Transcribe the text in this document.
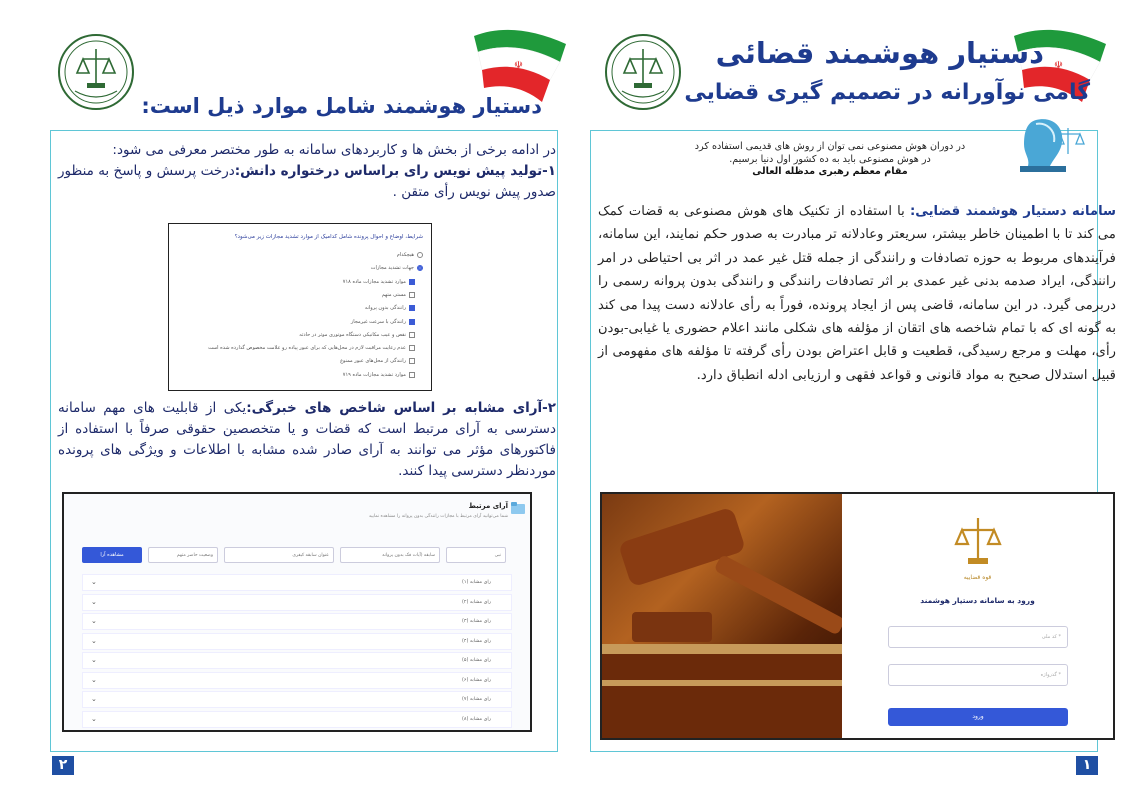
☫
دستیار هوشمند شامل موارد ذیل است:

در ادامه برخی از بخش ها و کاربردهای سامانه به طور مختصر معرفی می شود:

۱-تولید پیش نویس رای براساس درختواره دانش:درخت پرسش و پاسخ به منظور صدور پیش نویس رأی متقن .

شرایط، اوضاع و احوال پرونده شامل کدامیک از موارد تشدید مجازات زیر می‌شود؟
هیچکدام
جهات تشدید مجازات
موارد تشدید مجازات ماده ۷۱۸
مستی متهم
رانندگی بدون پروانه
رانندگی با سرعت غیرمجاز
نقص و عیب مکانیکی دستگاه موتوری موثر در حادثه
عدم رعایت مراقبت لازم در محل‌هایی که برای عبور پیاده رو علامت مخصوص گذارده شده است
رانندگی از محل‌های عبور ممنوع
موارد تشدید مجازات ماده ۷۱۹

۲-آرای مشابه بر اساس شاخص های خبرگی:یکی از قابلیت های مهم سامانه دسترسی به آرای مرتبط است که قضات و یا متخصصین حقوقی صرفاً با استفاده از فاکتورهای مؤثر می توانند به آرای صادر شده مشابه با اطلاعات و ویژگی های پرونده موردنظر دسترسی پیدا کنند.

آرای مرتبط
شما می‌توانید آرای مرتبط با مجازات رانندگی بدون پروانه را مشاهده نمایید
مشاهده آرا	وضعیت حاضر متهم	عنوان سابقه کیفری	سابقه (آیات فک بدون پروانه	نبی
رای مشابه (۱)
⌄
رای مشابه (۲)
⌄
رای مشابه (۳)
⌄
رای مشابه (۴)
⌄
رای مشابه (۵)
⌄
رای مشابه (۶)
⌄
رای مشابه (۷)
⌄
رای مشابه (۸)
⌄
۲
☫
دستیار هوشمند قضائی
گامی نوآورانه در تصمیم گیری قضایی
در دوران هوش مصنوعی نمی توان از روش های قدیمی استفاده کرد
در هوش مصنوعی باید به ده کشور اول دنیا برسیم.
مقام معظم رهبری مدظله العالی

سامانه دستیار هوشمند قضایی: با استفاده از تکنیک های هوش مصنوعی به قضات کمک می کند تا با اطمینان خاطر بیشتر، سریعتر وعادلانه تر مبادرت به صدور حکم نمایند، این سامانه، فرآیندهای مربوط به حوزه تصادفات و رانندگی از جمله قتل غیر عمد در اثر بی احتیاطی در امر رانندگی، ایراد صدمه بدنی غیر عمدی بر اثر تصادفات رانندگی و رانندگی بدون پروانه رسمی را دربرمی گیرد. در این سامانه، قاضی پس از ایجاد پرونده، فوراً به رأی عادلانه دست پیدا می کند به گونه ای که با تمام شاخصه های اتقان از مؤلفه های شکلی مانند اعلام حضوری یا غیابی-بودن رأی، مهلت و مرجع رسیدگی، قطعیت و قابل اعتراض بودن رأی گرفته تا مؤلفه های مفهومی از قبیل استدلال صحیح به مواد قانونی و قواعد فقهی و ارزیابی ادله انطباق دارد.

قوه قضاییه
ورود به سامانه دستیار هوشمند
کد ملی *
گذرواژه *
ورود
۱
